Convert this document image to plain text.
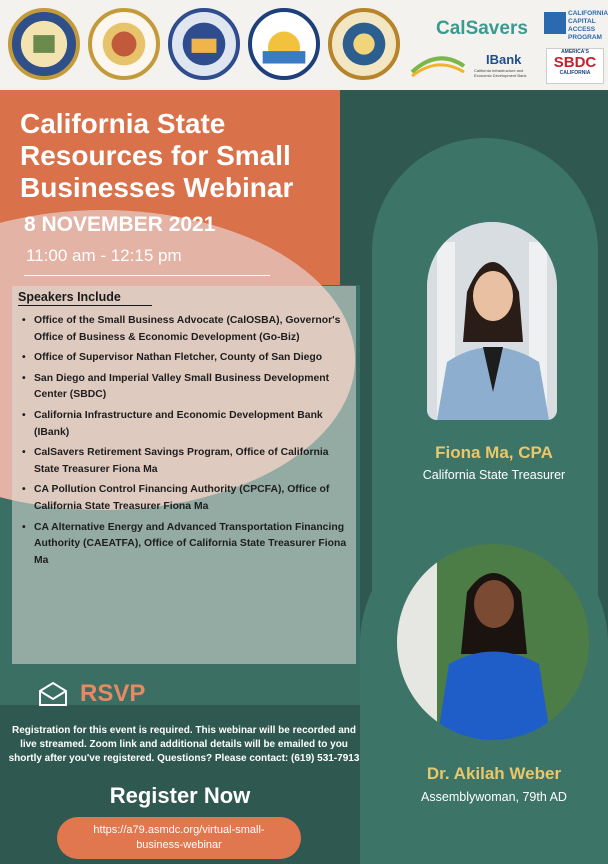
CalSavers
IBank
California Infrastructure and Economic Development Bank
CALIFORNIA CAPITAL ACCESS PROGRAM
AMERICA'S
SBDC
CALIFORNIA
California State Resources for Small Businesses Webinar
8 NOVEMBER 2021
11:00 am - 12:15 pm
Speakers Include
• Office of the Small Business Advocate (CalOSBA), Governor's Office of Business & Economic Development (Go-Biz)
• Office of Supervisor Nathan Fletcher, County of San Diego
• San Diego and Imperial Valley Small Business Development Center (SBDC)
• California Infrastructure and Economic Development Bank (IBank)
• CalSavers Retirement Savings Program, Office of California State Treasurer Fiona Ma
• CA Pollution Control Financing Authority (CPCFA), Office of California State Treasurer Fiona Ma
• CA Alternative Energy and Advanced Transportation Financing Authority (CAEATFA), Office of California State Treasurer Fiona Ma
RSVP
Registration for this event is required. This webinar will be recorded and live streamed. Zoom link and additional details will be emailed to you shortly after you've registered. Questions? Please contact: (619) 531-7913
Register Now
https://a79.asmdc.org/virtual-small-business-webinar
Fiona Ma, CPA
California State Treasurer
Dr. Akilah Weber
Assemblywoman, 79th AD
